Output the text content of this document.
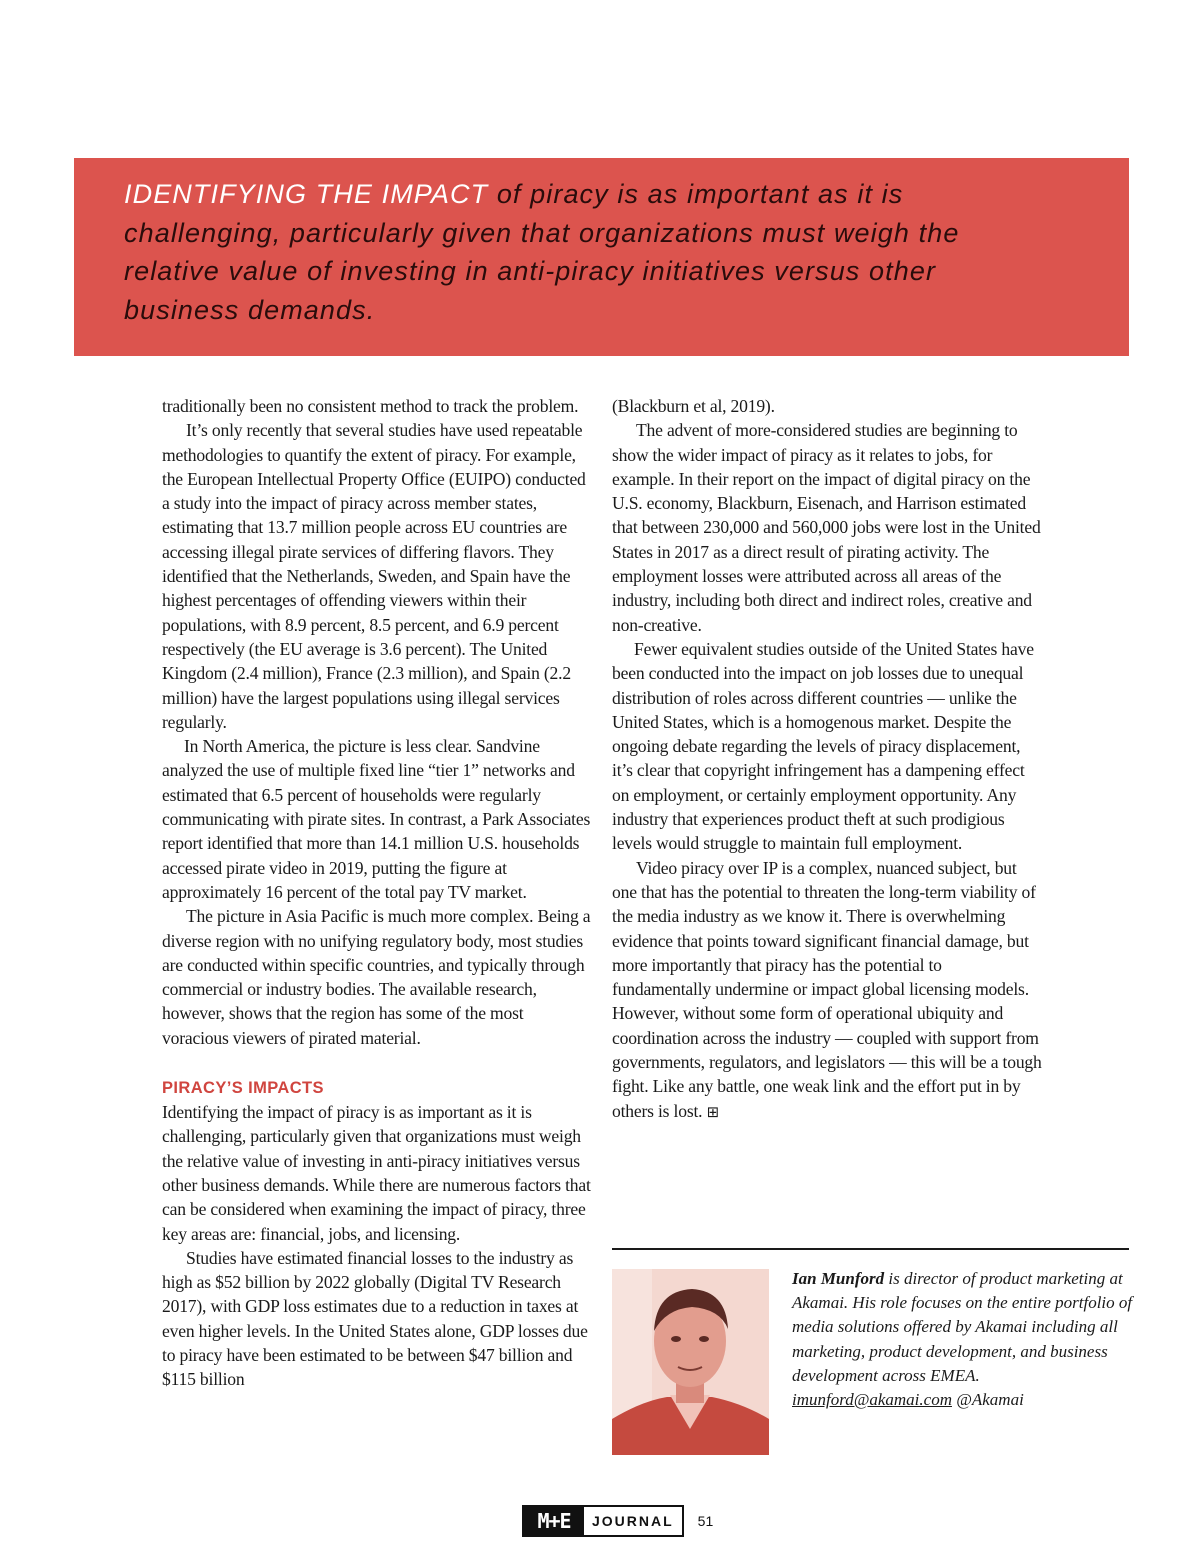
IDENTIFYING THE IMPACT of piracy is as important as it is challenging, particularly given that organizations must weigh the relative value of investing in anti-piracy initiatives versus other business demands.

traditionally been no consistent method to track the problem.

It’s only recently that several studies have used repeatable methodologies to quantify the extent of piracy. For example, the European Intellectual Property Office (EUIPO) conducted a study into the impact of piracy across member states, estimating that 13.7 million people across EU countries are accessing illegal pirate services of differing flavors. They identified that the Netherlands, Sweden, and Spain have the highest percentages of offending viewers within their populations, with 8.9 percent, 8.5 percent, and 6.9 percent respectively (the EU average is 3.6 percent). The United Kingdom (2.4 million), France (2.3 million), and Spain (2.2 million) have the largest populations using illegal services regularly.

In North America, the picture is less clear. Sandvine analyzed the use of multiple fixed line “tier 1” networks and estimated that 6.5 percent of households were regularly communicating with pirate sites. In contrast, a Park Associates report identified that more than 14.1 million U.S. households accessed pirate video in 2019, putting the figure at approximately 16 percent of the total pay TV market.

The picture in Asia Pacific is much more complex. Being a diverse region with no unifying regulatory body, most studies are conducted within specific countries, and typically through commercial or industry bodies. The available research, however, shows that the region has some of the most voracious viewers of pirated material.

PIRACY’S IMPACTS

Identifying the impact of piracy is as important as it is challenging, particularly given that organizations must weigh the relative value of investing in anti-piracy initiatives versus other business demands. While there are numerous factors that can be considered when examining the impact of piracy, three key areas are: financial, jobs, and licensing.

Studies have estimated financial losses to the industry as high as $52 billion by 2022 globally (Digital TV Research 2017), with GDP loss estimates due to a reduction in taxes at even higher levels. In the United States alone, GDP losses due to piracy have been estimated to be between $47 billion and $115 billion

(Blackburn et al, 2019).

The advent of more-considered studies are beginning to show the wider impact of piracy as it relates to jobs, for example. In their report on the impact of digital piracy on the U.S. economy, Blackburn, Eisenach, and Harrison estimated that between 230,000 and 560,000 jobs were lost in the United States in 2017 as a direct result of pirating activity. The employment losses were attributed across all areas of the industry, including both direct and indirect roles, creative and non-creative.

Fewer equivalent studies outside of the United States have been conducted into the impact on job losses due to unequal distribution of roles across different countries — unlike the United States, which is a homogenous market. Despite the ongoing debate regarding the levels of piracy displacement, it’s clear that copyright infringement has a dampening effect on employment, or certainly employment opportunity. Any industry that experiences product theft at such prodigious levels would struggle to maintain full employment.

Video piracy over IP is a complex, nuanced subject, but one that has the potential to threaten the long-term viability of the media industry as we know it. There is overwhelming evidence that points toward significant financial damage, but more importantly that piracy has the potential to fundamentally undermine or impact global licensing models. However, without some form of operational ubiquity and coordination across the industry — coupled with support from governments, regulators, and legislators — this will be a tough fight. Like any battle, one weak link and the effort put in by others is lost. ⊞

Ian Munford is director of product marketing at Akamai. His role focuses on the entire portfolio of media solutions offered by Akamai including all marketing, product development, and business development across EMEA.
imunford@akamai.com @Akamai
M+E	JOURNAL	51
